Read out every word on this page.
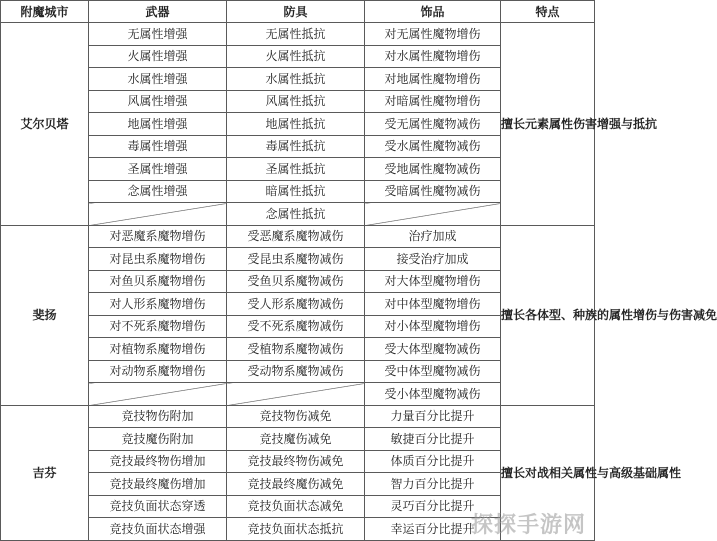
附魔城市	武器	防具	饰品	特点
艾尔贝塔	无属性增强	无属性抵抗	对无属性魔物增伤	擅长元素属性伤害增强与抵抗
	火属性增强	火属性抵抗	对水属性魔物增伤	
	水属性增强	水属性抵抗	对地属性魔物增伤	
	风属性增强	风属性抵抗	对暗属性魔物增伤	
	地属性增强	地属性抵抗	受无属性魔物减伤	
	毒属性增强	毒属性抵抗	受水属性魔物减伤	
	圣属性增强	圣属性抵抗	受地属性魔物减伤	
	念属性增强	暗属性抵抗	受暗属性魔物减伤	
		念属性抵抗		
斐扬	对恶魔系魔物增伤	受恶魔系魔物减伤	治疗加成	擅长各体型、种族的属性增伤与伤害减免
	对昆虫系魔物增伤	受昆虫系魔物减伤	接受治疗加成	
	对鱼贝系魔物增伤	受鱼贝系魔物减伤	对大体型魔物增伤	
	对人形系魔物增伤	受人形系魔物减伤	对中体型魔物增伤	
	对不死系魔物增伤	受不死系魔物减伤	对小体型魔物增伤	
	对植物系魔物增伤	受植物系魔物减伤	受大体型魔物减伤	
	对动物系魔物增伤	受动物系魔物减伤	受中体型魔物减伤	
			受小体型魔物减伤	
吉芬	竞技物伤附加	竞技物伤减免	力量百分比提升	擅长对战相关属性与高级基础属性
	竞技魔伤附加	竞技魔伤减免	敏捷百分比提升	
	竞技最终物伤增加	竞技最终物伤减免	体质百分比提升	
	竞技最终魔伤增加	竞技最终魔伤减免	智力百分比提升	
	竞技负面状态穿透	竞技负面状态减免	灵巧百分比提升	
	竞技负面状态增强	竞技负面状态抵抗	幸运百分比提升	
探探手游网
